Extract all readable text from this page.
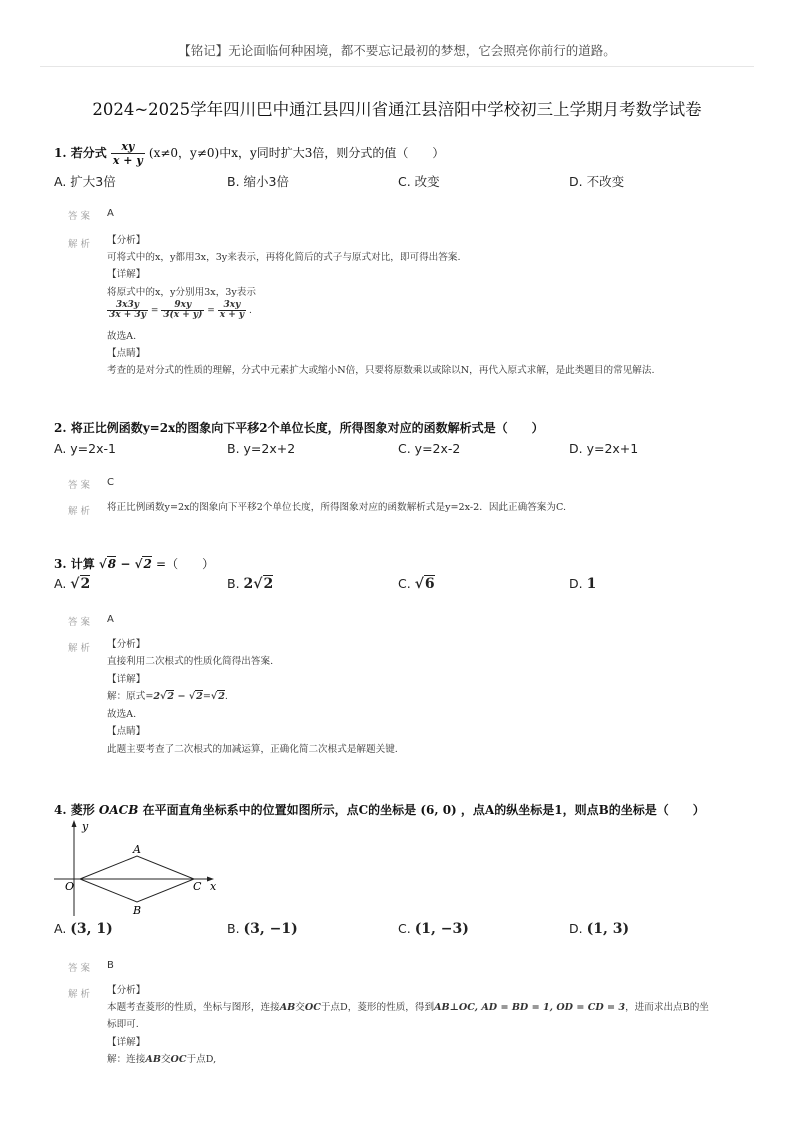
【铭记】无论面临何种困境，都不要忘记最初的梦想，它会照亮你前行的道路。
2024~2025学年四川巴中通江县四川省通江县涪阳中学校初三上学期月考数学试卷
1. 若分式 $\frac{xy}{x + y} (x\ne 0$，y≠0)中x，y同时扩大3倍，则分式的值（　　）
A. 扩大3倍	B. 缩小3倍	C. 改变	D. 不改变
答案 A
解析 【分析】
可将式中的x，y都用3x，3y来表示，再将化简后的式子与原式对比，即可得出答案.
【详解】
将原式中的x，y分别用3x，3y表示
$\frac{3x3y}{3x + 3y} = \frac{9xy}{3(x + y)} = \frac{3xy}{x + y}$ .
故选A.
【点睛】
考查的是对分式的性质的理解，分式中元素扩大或缩小N倍，只要将原数乘以或除以N，再代入原式求解，是此类题目的常见解法.
2. 将正比例函数y=2x的图象向下平移2个单位长度，所得图象对应的函数解析式是（　　）
A. y=2x-1	B. y=2x+2	C. y=2x-2	D. y=2x+1
答案 C
解析 将正比例函数y=2x的图象向下平移2个单位长度，所得图象对应的函数解析式是y=2x-2．因此正确答案为C.
3. 计算 √8 − √2 =（　　）
A. √2	B. 2√2	C. √6	D. 1
答案 A
解析 【分析】
直接利用二次根式的性质化简得出答案.
【详解】
解：原式=2√2 − √2=√2.
故选A.
【点睛】
此题主要考查了二次根式的加减运算，正确化简二次根式是解题关键.
4. 菱形 OACB 在平面直角坐标系中的位置如图所示，点C的坐标是 (6, 0) ，点A的纵坐标是1，则点B的坐标是（　　）
y
x
O
A
B
C
A. (3, 1)	B. (3, −1)	C. (1, −3)	D. (1, 3)
答案 B
解析 【分析】
本题考查菱形的性质，坐标与图形，连接AB交OC于点D，菱形的性质，得到AB⊥OC, AD = BD = 1, OD = CD = 3，进而求出点B的坐
标即可.
【详解】
解：连接AB交OC于点D,
